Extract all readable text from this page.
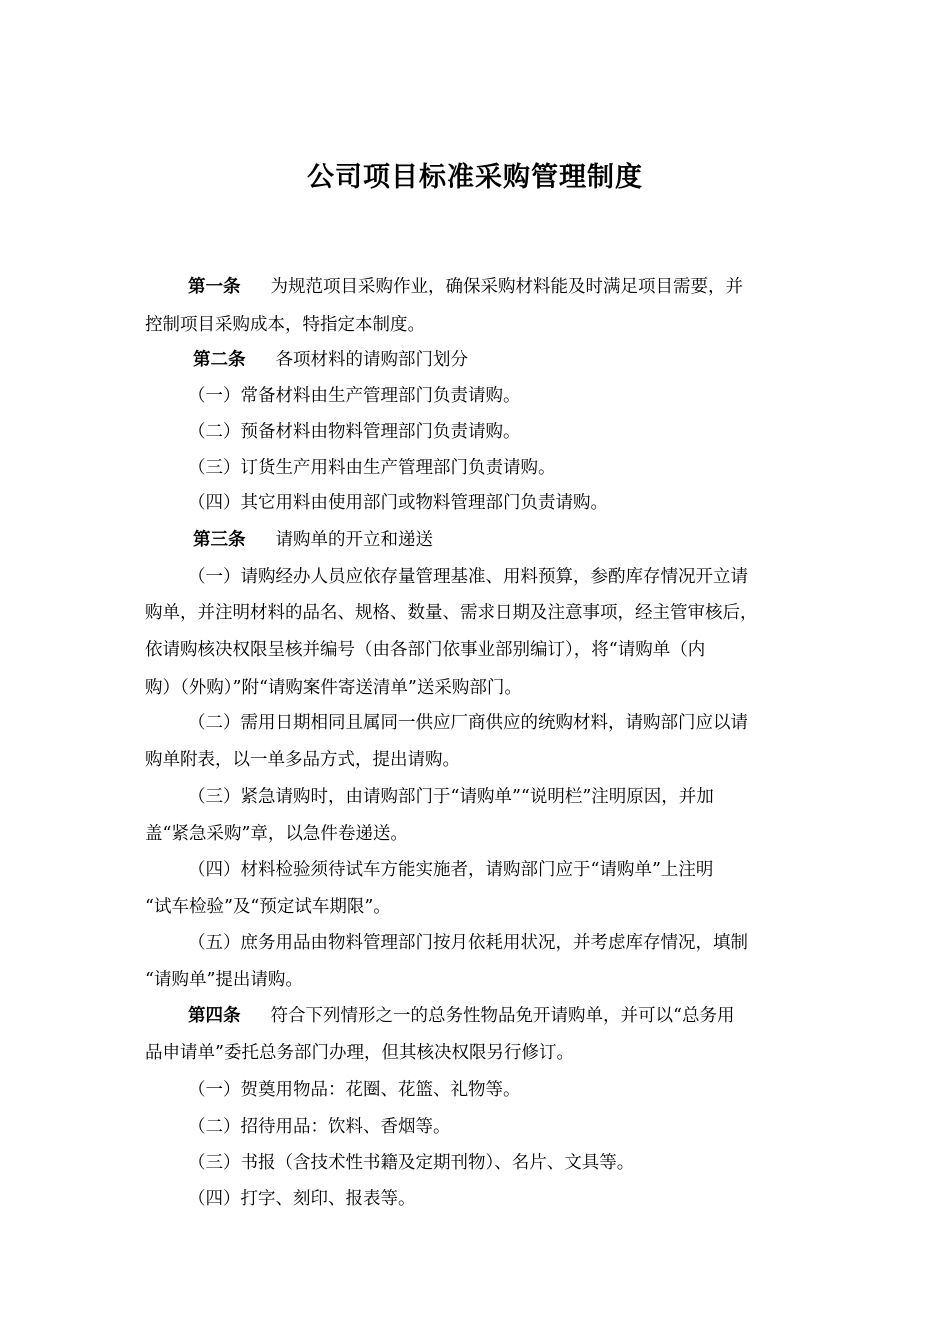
公司项目标准采购管理制度
第一条 为规范项目采购作业，确保采购材料能及时满足项目需要，并
控制项目采购成本，特指定本制度。
第二条 各项材料的请购部门划分
（一）常备材料由生产管理部门负责请购。
（二）预备材料由物料管理部门负责请购。
（三）订货生产用料由生产管理部门负责请购。
（四）其它用料由使用部门或物料管理部门负责请购。
第三条 请购单的开立和递送
（一）请购经办人员应依存量管理基准、用料预算，参酌库存情况开立请
购单，并注明材料的品名、规格、数量、需求日期及注意事项，经主管审核后，
依请购核决权限呈核并编号（由各部门依事业部别编订），将“请购单（内
购）（外购）”附“请购案件寄送清单”送采购部门。
（二）需用日期相同且属同一供应厂商供应的统购材料，请购部门应以请
购单附表，以一单多品方式，提出请购。
（三）紧急请购时，由请购部门于“请购单”“说明栏”注明原因，并加
盖“紧急采购”章，以急件卷递送。
（四）材料检验须待试车方能实施者，请购部门应于“请购单”上注明
“试车检验”及“预定试车期限”。
（五）庶务用品由物料管理部门按月依耗用状况，并考虑库存情况，填制
“请购单”提出请购。
第四条 符合下列情形之一的总务性物品免开请购单，并可以“总务用
品申请单”委托总务部门办理，但其核决权限另行修订。
（一）贺奠用物品：花圈、花篮、礼物等。
（二）招待用品：饮料、香烟等。
（三）书报（含技术性书籍及定期刊物）、名片、文具等。
（四）打字、刻印、报表等。
